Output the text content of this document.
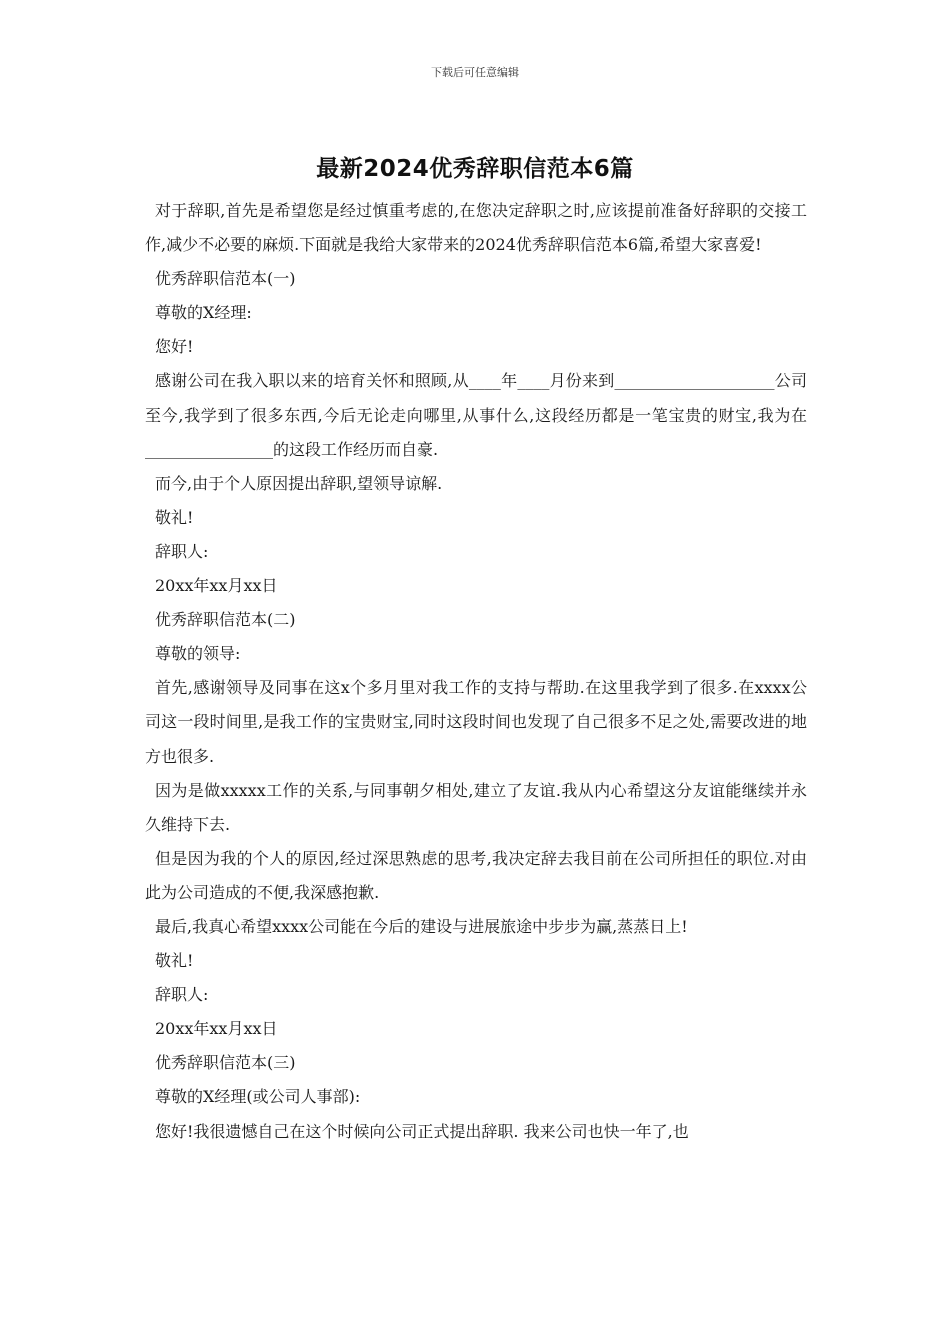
下载后可任意编辑
最新2024优秀辞职信范本6篇

对于辞职,首先是希望您是经过慎重考虑的,在您决定辞职之时,应该提前准备好辞职的交接工作,减少不必要的麻烦.下面就是我给大家带来的2024优秀辞职信范本6篇,希望大家喜爱!

优秀辞职信范本(一)

尊敬的X经理:

您好!

感谢公司在我入职以来的培育关怀和照顾,从____年____月份来到____________________公司至今,我学到了很多东西,今后无论走向哪里,从事什么,这段经历都是一笔宝贵的财宝,我为在________________的这段工作经历而自豪.

而今,由于个人原因提出辞职,望领导谅解.

敬礼!

辞职人:

20xx年xx月xx日

优秀辞职信范本(二)

尊敬的领导:

首先,感谢领导及同事在这x个多月里对我工作的支持与帮助.在这里我学到了很多.在xxxx公司这一段时间里,是我工作的宝贵财宝,同时这段时间也发现了自己很多不足之处,需要改进的地方也很多.

因为是做xxxxx工作的关系,与同事朝夕相处,建立了友谊.我从内心希望这分友谊能继续并永久维持下去.

但是因为我的个人的原因,经过深思熟虑的思考,我决定辞去我目前在公司所担任的职位.对由此为公司造成的不便,我深感抱歉.

最后,我真心希望xxxx公司能在今后的建设与进展旅途中步步为赢,蒸蒸日上!

敬礼!

辞职人:

20xx年xx月xx日

优秀辞职信范本(三)

尊敬的X经理(或公司人事部):

您好!我很遗憾自己在这个时候向公司正式提出辞职. 我来公司也快一年了,也
